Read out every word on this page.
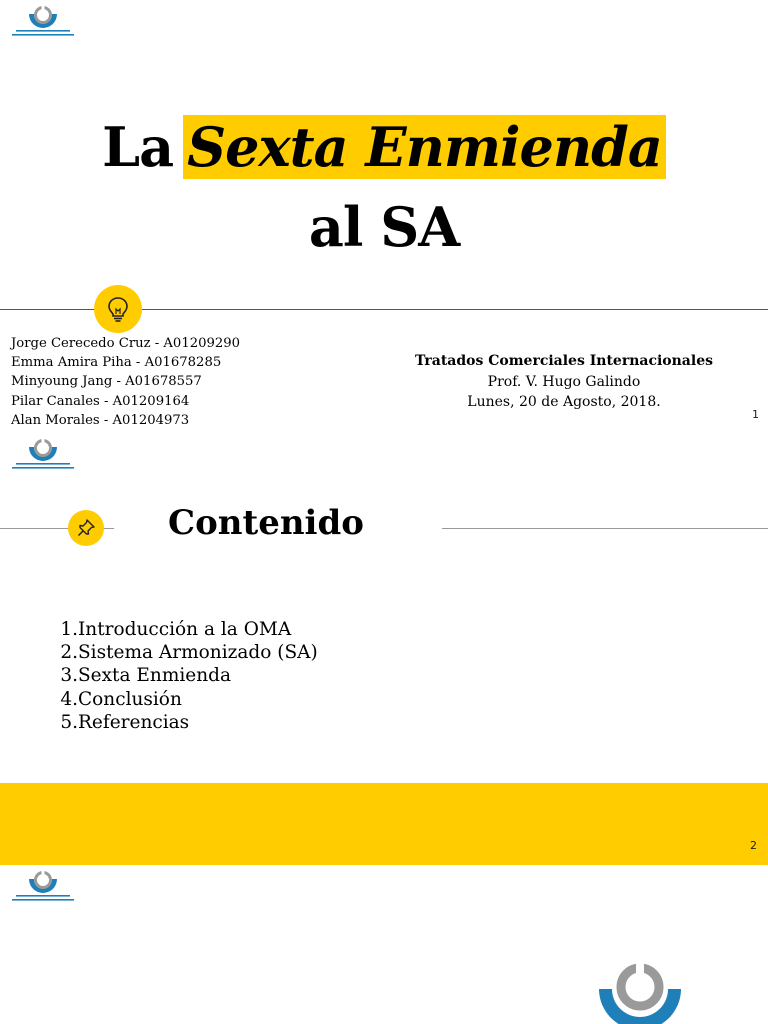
La Sexta Enmienda
al SA
Jorge Cerecedo Cruz - A01209290
Emma Amira Piha - A01678285
Minyoung Jang - A01678557
Pilar Canales - A01209164
Alan Morales - A01204973
Tratados Comerciales Internacionales
Prof. V. Hugo Galindo
Lunes, 20 de Agosto, 2018.
1
Contenido
1. Introducción a la OMA
2. Sistema Armonizado (SA)
3. Sexta Enmienda
4. Conclusión
5. Referencias
2
